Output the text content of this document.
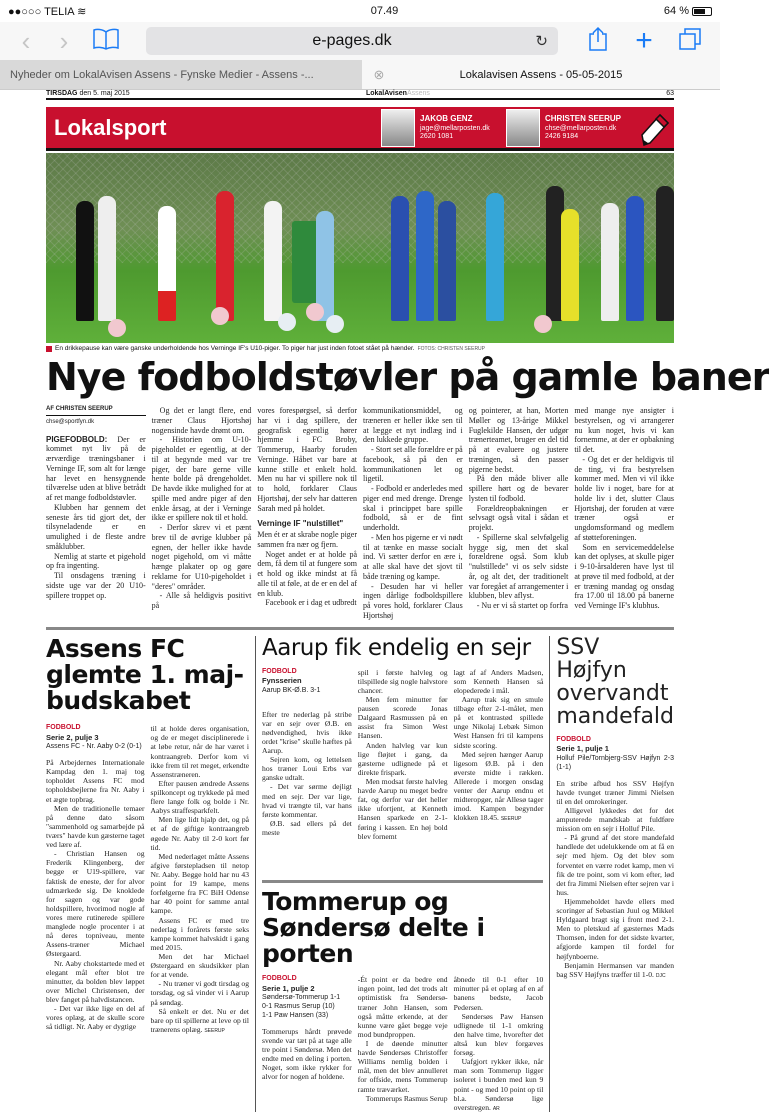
●●○○○ TELIA ≋	07.49	64 %
‹	›	e-pages.dk	↻	+
Nyheder om LokalAvisen Assens - Fynske Medier - Assens -...	⊗	Lokalavisen Assens - 05-05-2015
TIRSDAG den 5. maj 2015	LokalAvisenAssens	63
Lokalsport	JAKOB GENZ
jage@mellarposten.dk
2620 1081
CHRISTEN SEERUP
chse@mellarposten.dk
2426 9184
En drikkepause kan være ganske underholdende hos Verninge IF's U10-piger. To piger har just inden fotoet stået på hænder. FOTOS: CHRISTEN SEERUP
Nye fodboldstøvler på gamle baner
AF CHRISTEN SEERUP
chse@sportfyn.dk

PIGEFODBOLD: Der er kommet nyt liv på de ærværdige træningsbaner i Verninge IF, som alt for længe har levet en hensygnende tilværelse uden at blive betrådt af ret mange fodboldstøvler.

Klubben har gennem det seneste års tid gjort det, der tilsyneladende er en umulighed i de fleste andre småklubber.

Nemlig at starte et pigehold op fra ingenting.

Til onsdagens træning i sidste uge var der 20 U10-spillere troppet op.

Og det er langt flere, end træner Claus Hjortshøj nogensinde havde drømt om.

- Historien om U-10-pigeholdet er egentlig, at der til at begynde med var tre piger, der bare gerne ville hente bolde på drengeholdet. De havde ikke mulighed for at spille med andre piger af den enkle årsag, at der i Verninge ikke er spillere nok til et hold.

- Derfor skrev vi et pænt brev til de øvrige klubber på egnen, der heller ikke havde noget pigehold, om vi måtte hænge plakater op og gøre reklame for U10-pigeholdet i "deres" områder.

- Alle så heldigvis positivt på

vores forespørgsel, så derfor har vi i dag spillere, der geografisk egentlig hører hjemme i FC Broby, Tommerup, Haarby foruden Verninge. Håbet var bare at kunne stille et enkelt hold. Men nu har vi spillere nok til to hold, forklarer Claus Hjortshøj, der selv har datteren Sarah med på holdet.

Verninge IF "nulstillet"

Men ét er at skrabe nogle piger sammen fra nær og fjern.

Noget andet er at holde på dem, få dem til at fungere som et hold og ikke mindst at få alle til at føle, at de er en del af en klub.

Facebook er i dag et udbredt

kommunikationsmiddel, og træneren er heller ikke sen til at lægge et nyt indlæg ind i den lukkede gruppe.

- Stort set alle forældre er på facebook, så på den er kommunikationen let og ligetil.

- Fodbold er anderledes med piger end med drenge. Drenge skal i princippet bare spille fodbold, så er de fint underholdt.

- Men hos pigerne er vi nødt til at tænke en masse socialt ind. Vi sætter derfor en ære i, at alle skal have det sjovt til både træning og kampe.

- Desuden har vi heller ingen dårlige fodboldspillere på vores hold, forklarer Claus Hjortshøj

og pointerer, at han, Morten Møller og 13-årige Mikkel Fuglekilde Hansen, der udgør trænerteamet, bruger en del tid på at evaluere og justere træningen, så den passer pigerne bedst.

På den måde bliver alle spillere hørt og de bevarer lysten til fodbold.

Forældreopbakningen er selvsagt også vital i sådan et projekt.

- Spillerne skal selvfølgelig hygge sig, men det skal forældrene også. Som klub "nulstillede" vi os selv sidste år, og alt det, der traditionelt var foregået af arrangementer i klubben, blev aflyst.

- Nu er vi så startet op forfra

med mange nye ansigter i bestyrelsen, og vi arrangerer nu kun noget, hvis vi kan fornemme, at der er opbakning til det.

- Og det er der heldigvis til de ting, vi fra bestyrelsen kommer med. Men vi vil ikke holde liv i noget, bare for at holde liv i det, slutter Claus Hjortshøj, der foruden at være træner også er ungdomsformand og medlem af støtteforeningen.

Som en servicemeddelelse kan det oplyses, at skulle piger i 9-10-årsalderen have lyst til at prøve til med fodbold, at der er træning mandag og onsdag fra 17.00 til 18.00 på banerne ved Verninge IF's klubhus.

Assens FC glemte 1. maj-budskabet
FODBOLD
Serie 2, pulje 3
Assens FC - Nr. Aaby 0-2 (0-1)

På Arbejdernes Internationale Kampdag den 1. maj tog topholdet Assens FC mod topholdsbejlerne fra Nr. Aaby i et ægte topbrag.

Men de traditionelle temaer på denne dato såsom "sammenhold og samarbejde på tværs" havde kun gæsterne taget ved lære af.

- Christian Hansen og Frederik Klingenberg, der begge er U19-spillere, var faktisk de eneste, der for alvor udmærkede sig. De knoklede for sagen og var gode holdspillere, hvorimod nogle af vores mere rutinerede spillere manglede nogle procenter i at nå deres topniveau, mente Assens-træner Michael Østergaard.

Nr. Aaby chokstartede med et elegant mål efter blot tre minutter, da bolden blev løppet over Michel Christensen, der blev fanget på halvdistancen.

- Det var ikke lige en del af vores oplæg, at de skulle score så tidligt. Nr. Aaby er dygtige

til at holde deres organisation, og de er meget disciplinerede i at løbe retur, når de har været i kontraangreb. Derfor kom vi ikke frem til ret meget, erkendte Assenstræneren.

Efter pausen ændrede Assens spilkoncept og trykkede på med flere lange folk og bolde i Nr. Aabys straffesparkfelt.

Men lige lidt hjalp det, og på et af de giftige kontraangreb øgede Nr. Aaby til 2-0 kort før tid.

Med nederlaget måtte Assens afgive førstepladsen til netop Nr. Aaby. Begge hold har nu 43 point for 19 kampe, mens forfølgerne fra FC BiH Odense har 40 point for samme antal kampe.

Assens FC er med tre nederlag i forårets første seks kampe kommet halvskidt i gang med 2015.

Men det har Michael Østergaard en skudsikker plan for at vende.

- Nu træner vi godt tirsdag og torsdag, og så vinder vi i Aarup på søndag.

Så enkelt er det. Nu er det bare op til spillerne at leve op til trænerens oplæg. SEERUP

Aarup fik endelig en sejr
FODBOLD
Fynsserien
Aarup BK-Ø.B. 3-1

Efter tre nederlag på stribe var en sejr over Ø.B. en nødvendighed, hvis ikke ordet "krise" skulle hæftes på Aarup.

Sejren kom, og lettelsen hos træner Loui Erbs var ganske udtalt.

- Det var sørme dejligt med en sejr. Der var lige, hvad vi trængte til, var hans første kommentar.

Ø.B. sad ellers på det meste

spil i første halvleg og tilspillede sig nogle halvstore chancer.

Men fem minutter før pausen scorede Jonas Dalgaard Rasmussen på en assist fra Simon West Hansen.

Anden halvleg var kun lige fløjtet i gang, da gæsterne udlignede på et direkte frispark.

Men modsat første halvleg havde Aarup nu meget bedre fat, og derfor var det heller ikke ufortjent, at Kenneth Hansen sparkede en 2-1-føring i kassen. En høj bold blev fornemt

lagt af af Anders Madsen, som Kenneth Hansen så elopederede i mål.

Aarup trak sig en smule tilbage efter 2-1-målet, men på et kontrastød spillede unge Nikolaj Lebæk Simon West Hansen fri til kampens sidste scoring.

Med sejren hænger Aarup ligesom Ø.B. på i den øverste midte i rækken. Allerede i morgen onsdag venter der Aarup endnu et midteropgør, når Allesø tager imod. Kampen begynder klokken 18.45. SEERUP

Tommerup og Søndersø delte i porten
FODBOLD
Serie 1, pulje 2
Søndersø-Tommerup 1-1
0-1 Rasmus Serup (10)
1-1 Paw Hansen (33)

Tommerups hårdt prøvede svende var tæt på at tage alle tre point i Søndersø. Men det endte med en deling i porten. Noget, som ikke rykker for alvor for nogen af holdene.

-Ét point er da bedre end ingen point, lød det trods alt optimistisk fra Søndersø-træner John Hansen, som også måtte erkende, at der kunne være gået begge veje mod bundproppen.

I de døende minutter havde Søndersøs Christoffer Williams nemlig bolden i mål, men det blev annulleret for offside, mens Tommerup ramte træværket.

Tommerups Rasmus Serup

åbnede til 0-1 efter 10 minutter på et oplæg af en af banens bedste, Jacob Pedersen.

Søndersøs Paw Hansen udlignede til 1-1 omkring den halve time, hvorefter det altså kun blev forgæves forsøg.

Uafgjort rykker ikke, når man som Tommerup ligger isoleret i bunden med kun 9 point - og med 10 point op til bl.a. Søndersø lige overstregen. AR

SSV Højfyn overvandt mandefald
FODBOLD
Serie 1, pulje 1
Holluf Pile/Tornbjerg-SSV Højfyn 2-3 (1-1)

En stribe afbud hos SSV Højfyn havde tvunget træner Jimmi Nielsen til en del omrokeringer.

Alligevel lykkedes det for det amputerede mandskab at fuldføre mission om en sejr i Holluf Pile.

- På grund af det store mandefald handlede det udelukkende om at få en sejr med hjem. Og det blev som forventet en værre rodet kamp, men vi fik de tre point, som vi kom efter, lød det fra Jimmi Nielsen efter sejren var i hus.

Hjemmeholdet havde ellers med scoringer af Sebastian Juul og Mikkel Hyldgaard bragt sig i front med 2-1. Men to pletskud af gæsternes Mads Thomsen, inden for det sidste kvarter, afgjorde kampen til fordel for højfynboerne.

Benjamin Hermansen var manden bag SSV Højfyns træffer til 1-0. DJC
